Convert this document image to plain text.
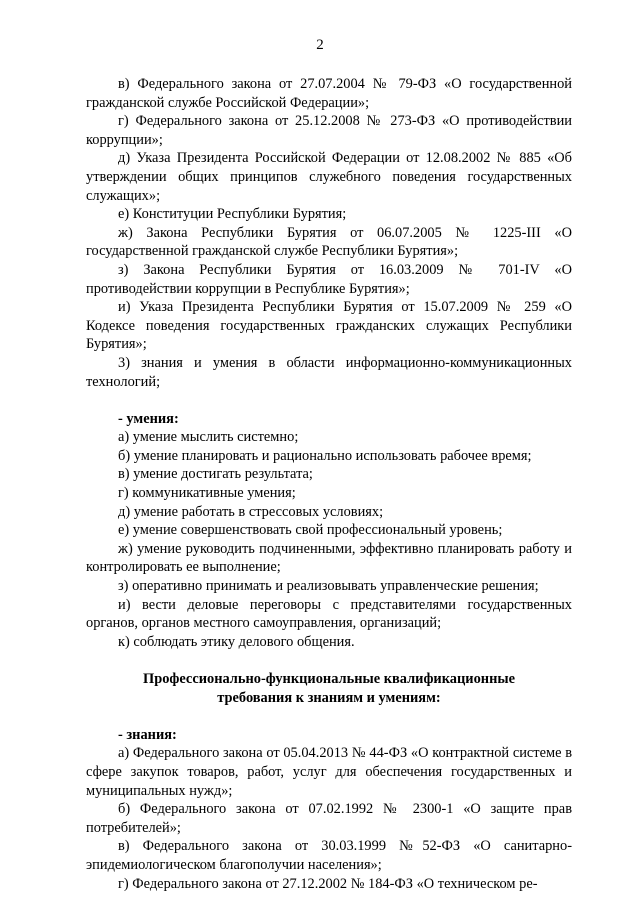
2

в) Федерального закона от 27.07.2004 № 79-ФЗ «О государственной гражданской службе Российской Федерации»;

г) Федерального закона от 25.12.2008 № 273-ФЗ «О противодействии коррупции»;

д) Указа Президента Российской Федерации от 12.08.2002 № 885 «Об утверждении общих принципов служебного поведения государственных служащих»;

е) Конституции Республики Бурятия;

ж) Закона Республики Бурятия от 06.07.2005 № 1225-III «О государственной гражданской службе Республики Бурятия»;

з) Закона Республики Бурятия от 16.03.2009 № 701-IV «О противодействии коррупции в Республике Бурятия»;

и) Указа Президента Республики Бурятия от 15.07.2009 № 259 «О Кодексе поведения государственных гражданских служащих Республики Бурятия»;

3) знания и умения в области информационно-коммуникационных технологий;

- умения:

а) умение мыслить системно;

б) умение планировать и рационально использовать рабочее время;

в) умение достигать результата;

г) коммуникативные умения;

д) умение работать в стрессовых условиях;

е) умение совершенствовать свой профессиональный уровень;

ж) умение руководить подчиненными, эффективно планировать работу и контролировать ее выполнение;

з) оперативно принимать и реализовывать управленческие решения;

и) вести деловые переговоры с представителями государственных органов, органов местного самоуправления, организаций;

к) соблюдать этику делового общения.

Профессионально-функциональные квалификационные

требования к знаниям и умениям:

- знания:

а) Федерального закона от 05.04.2013 № 44-ФЗ «О контрактной системе в сфере закупок товаров, работ, услуг для обеспечения государственных и муниципальных нужд»;

б) Федерального закона от 07.02.1992 № 2300-1 «О защите прав потребителей»;

в) Федерального закона от 30.03.1999 №52-ФЗ «О санитарно-эпидемиологическом благополучии населения»;

г) Федерального закона от 27.12.2002 № 184-ФЗ «О техническом ре-
